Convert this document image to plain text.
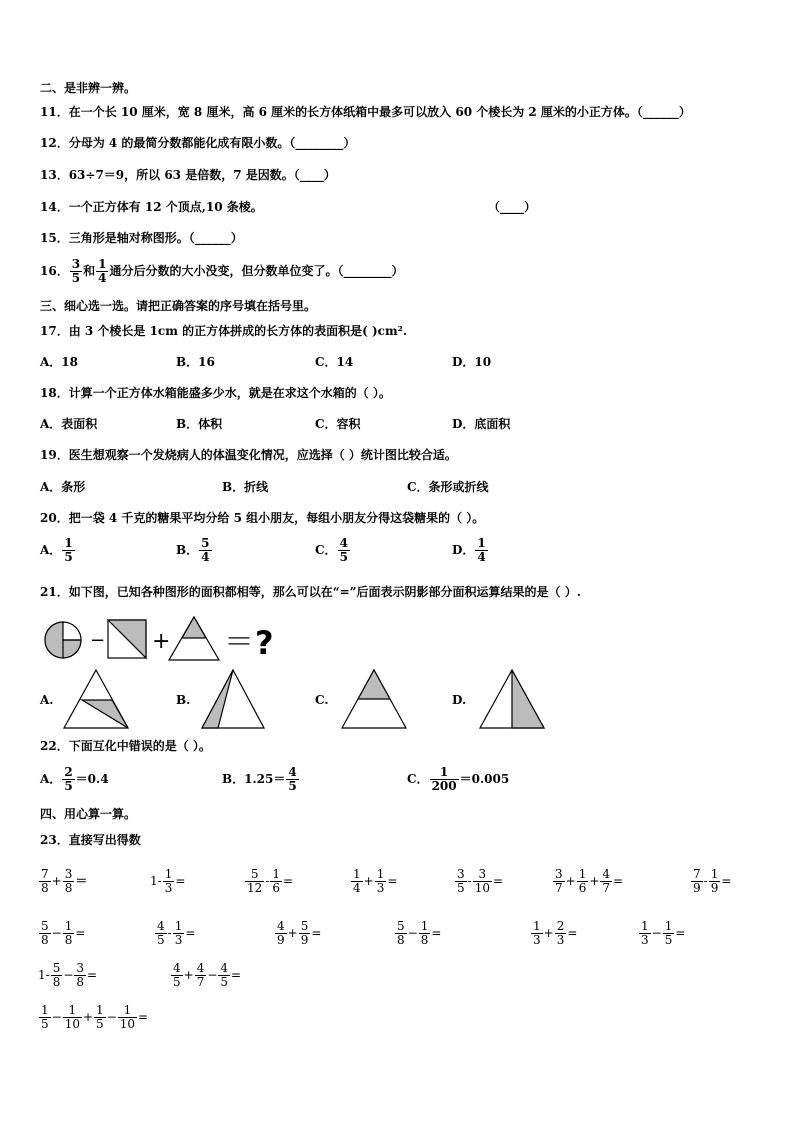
二、是非辨一辨。
11．在一个长 10 厘米，宽 8 厘米，高 6 厘米的长方体纸箱中最多可以放入 60 个棱长为 2 厘米的小正方体。（______）
12．分母为 4 的最简分数都能化成有限小数。（________）
13．63÷7＝9，所以 63 是倍数，7 是因数。（____）
14．一个正方体有 12 个顶点,10 条棱。	（____）
15．三角形是轴对称图形。（______）
16． $\frac{3}{5}$ 和 $\frac{1}{4}$ 通分后分数的大小没变，但分数单位变了。（________）
三、细心选一选。请把正确答案的序号填在括号里。
17．由 3 个棱长是 1cm 的正方体拼成的长方体的表面积是( )cm².
A．18	B．16	C．14	D．10
18．计算一个正方体水箱能盛多少水，就是在求这个水箱的（ ）。
A．表面积	B．体积	C．容积	D．底面积
19．医生想观察一个发烧病人的体温变化情况，应选择（ ）统计图比较合适。
A．条形	B．折线	C．条形或折线
20．把一袋 4 千克的糖果平均分给 5 组小朋友，每组小朋友分得这袋糖果的（ ）。
A． $\frac{1}{5}$	B． $\frac{5}{4}$	C． $\frac{4}{5}$	D． $\frac{1}{4}$
21．如下图，已知各种图形的面积都相等，那么可以在“=”后面表示阴影部分面积运算结果的是（ ）.
− + ＝ ?
A.	B.	C.	D.
22．下面互化中错误的是（ ）。
A． $\frac{2}{5} =0.4$	B．$1.25= \frac{4}{5}$	C． $\frac{1}{200} =0.005$
四、用心算一算。
23．直接写出得数
$\frac{7}{8} + \frac{3}{8}$ ＝	$1- \frac{1}{3}$ =	$\frac{5}{12} - \frac{1}{6}$ =	$\frac{1}{4} + \frac{1}{3}$ =	$\frac{3}{5} - \frac{3}{10}$ =	$\frac{3}{7} + \frac{1}{6} + \frac{4}{7}$ =	$\frac{7}{9} - \frac{1}{9}$ =
$\frac{5}{8} - \frac{1}{8}$ =	$\frac{4}{5} - \frac{1}{3}$ =	$\frac{4}{9} + \frac{5}{9}$ =	$\frac{5}{8} - \frac{1}{8}$ =	$\frac{1}{3} + \frac{2}{3}$ =	$\frac{1}{3} - \frac{1}{5}$ =
$1- \frac{5}{8} - \frac{3}{8}$ =	$\frac{4}{5} + \frac{4}{7} - \frac{4}{5}$ =
$\frac{1}{5} - \frac{1}{10} + \frac{1}{5} - \frac{1}{10}$ =
